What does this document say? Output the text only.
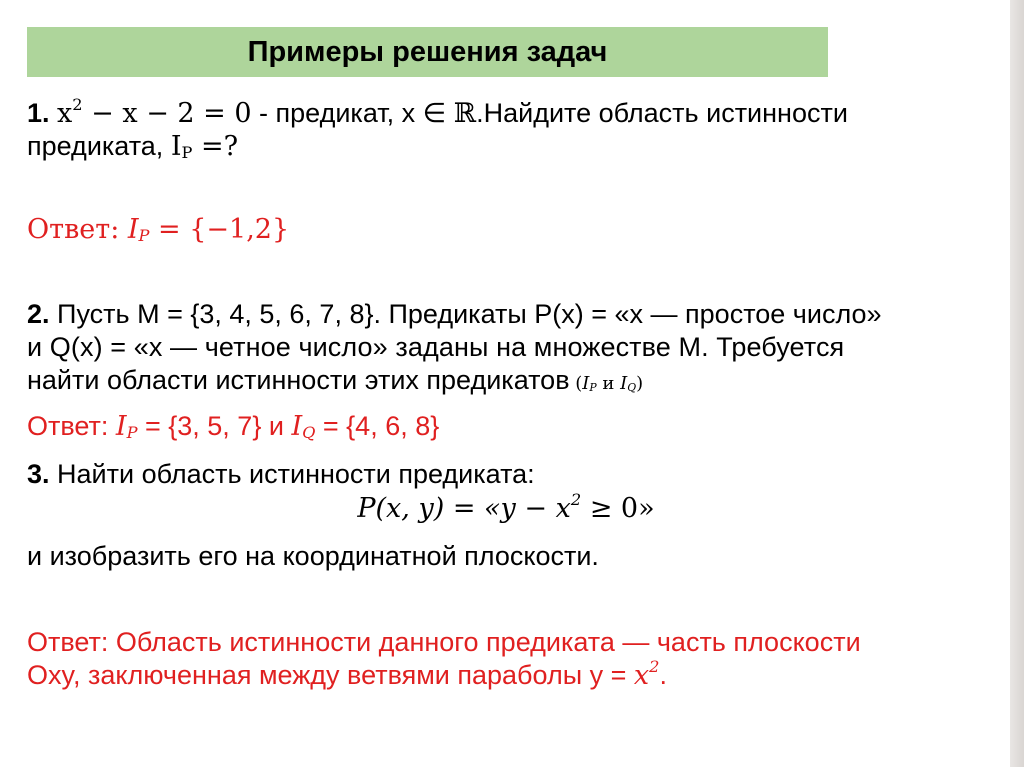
Примеры решения задач
1. $x^2 - x - 2 = 0$ - предикат, x ∈ ℝ.Найдите область истинности
предиката, $I_P$ =?
Ответ: $I_P = \{-1,2\}$
2. Пусть M = {3, 4, 5, 6, 7, 8}. Предикаты P(x) = «x — простое число»
и Q(x) = «x — четное число» заданы на множестве M. Требуется
найти области истинности этих предикатов ($I_P$ и $I_Q$)
Ответ: $I_P = \{3$, 5, 7} и $I_Q = \{4$, 6, 8}
3. Найти область истинности предиката:
P(x, y) = «$y - x^2 \ge 0$»
и изобразить его на координатной плоскости.
Ответ: Область истинности данного предиката — часть плоскости
Оxy, заключенная между ветвями параболы $y = x^2$.
